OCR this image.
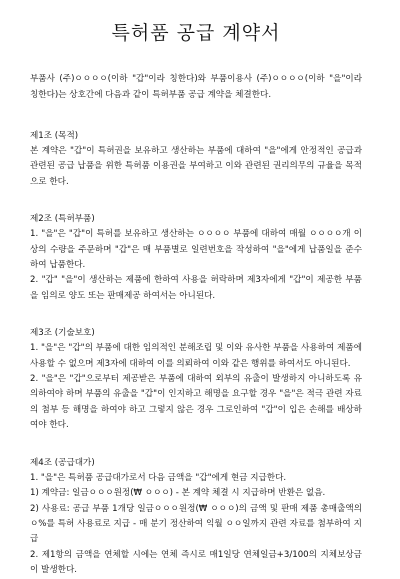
특허품 공급 계약서

부품사 (주)ㅇㅇㅇㅇ(이하 "갑"이라 칭한다)와 부품이용사 (주)ㅇㅇㅇㅇ(이하 "을"이라 칭한다)는 상호간에 다음과 같이 특허부품 공급 계약을 체결한다.

제1조 (목적)

본 계약은 "갑"이 특허권을 보유하고 생산하는 부품에 대하여 "을"에게 안정적인 공급과 관련된 공급 납품을 위한 특허품 이용권을 부여하고 이와 관련된 권리의무의 규율을 목적으로 한다.

제2조 (특허부품)

1. "을"은 "갑"이 특허를 보유하고 생산하는 ㅇㅇㅇㅇ 부품에 대하여 매월 ㅇㅇㅇㅇ개 이상의 수량을 주문하며 "갑"은 매 부품별로 일련번호을 작성하여 "을"에게 납품일을 준수하여 납품한다.

2. "갑" "을"이 생산하는 제품에 한하여 사용을 허락하며 제3자에게 "갑"이 제공한 부품을 임의로 양도 또는 판매제공 하여서는 아니된다.

제3조 (기술보호)

1. "을"은 "갑"의 부품에 대한 임의적인 분해조립 및 이와 유사한 부품을 사용하여 제품에 사용할 수 없으며 제3자에 대하여 이를 의뢰하여 이와 같은 행위를 하여서도 아니된다.

2. "을"은 "갑"으로부터 제공받은 부품에 대하여 외부의 유출이 발생하지 아니하도록 유의하여야 하며 부품의 유출을 "갑"이 인지하고 해명을 요구할 경우 "을"은 적극 관련 자료의 첨부 등 해명을 하여야 하고 그렇지 않은 경우 그로인하여 "갑"이 입은 손해를 배상하여야 한다.

제4조 (공급대가)

1. "을"은 특허품 공급대가로서 다음 금액을 "갑"에게 현금 지급한다.

1) 계약금: 일금ㅇㅇㅇ원정(₩ ㅇㅇㅇ) - 본 계약 체결 시 지급하며 반환은 없음.

2) 사용료: 공급 부품 1개당 일금ㅇㅇㅇ원정(₩ ㅇㅇㅇ)의 금액 및 판매 제품 총매출액의 ㅇ%를 특허 사용료로 지급 - 매 분기 정산하여 익월 ㅇㅇ일까지 관련 자료를 첨부하여 지급

2. 제1항의 금액을 연체할 시에는 연체 즉시로 매1일당 연체일금+3/100의 지체보상금이 발생한다.
